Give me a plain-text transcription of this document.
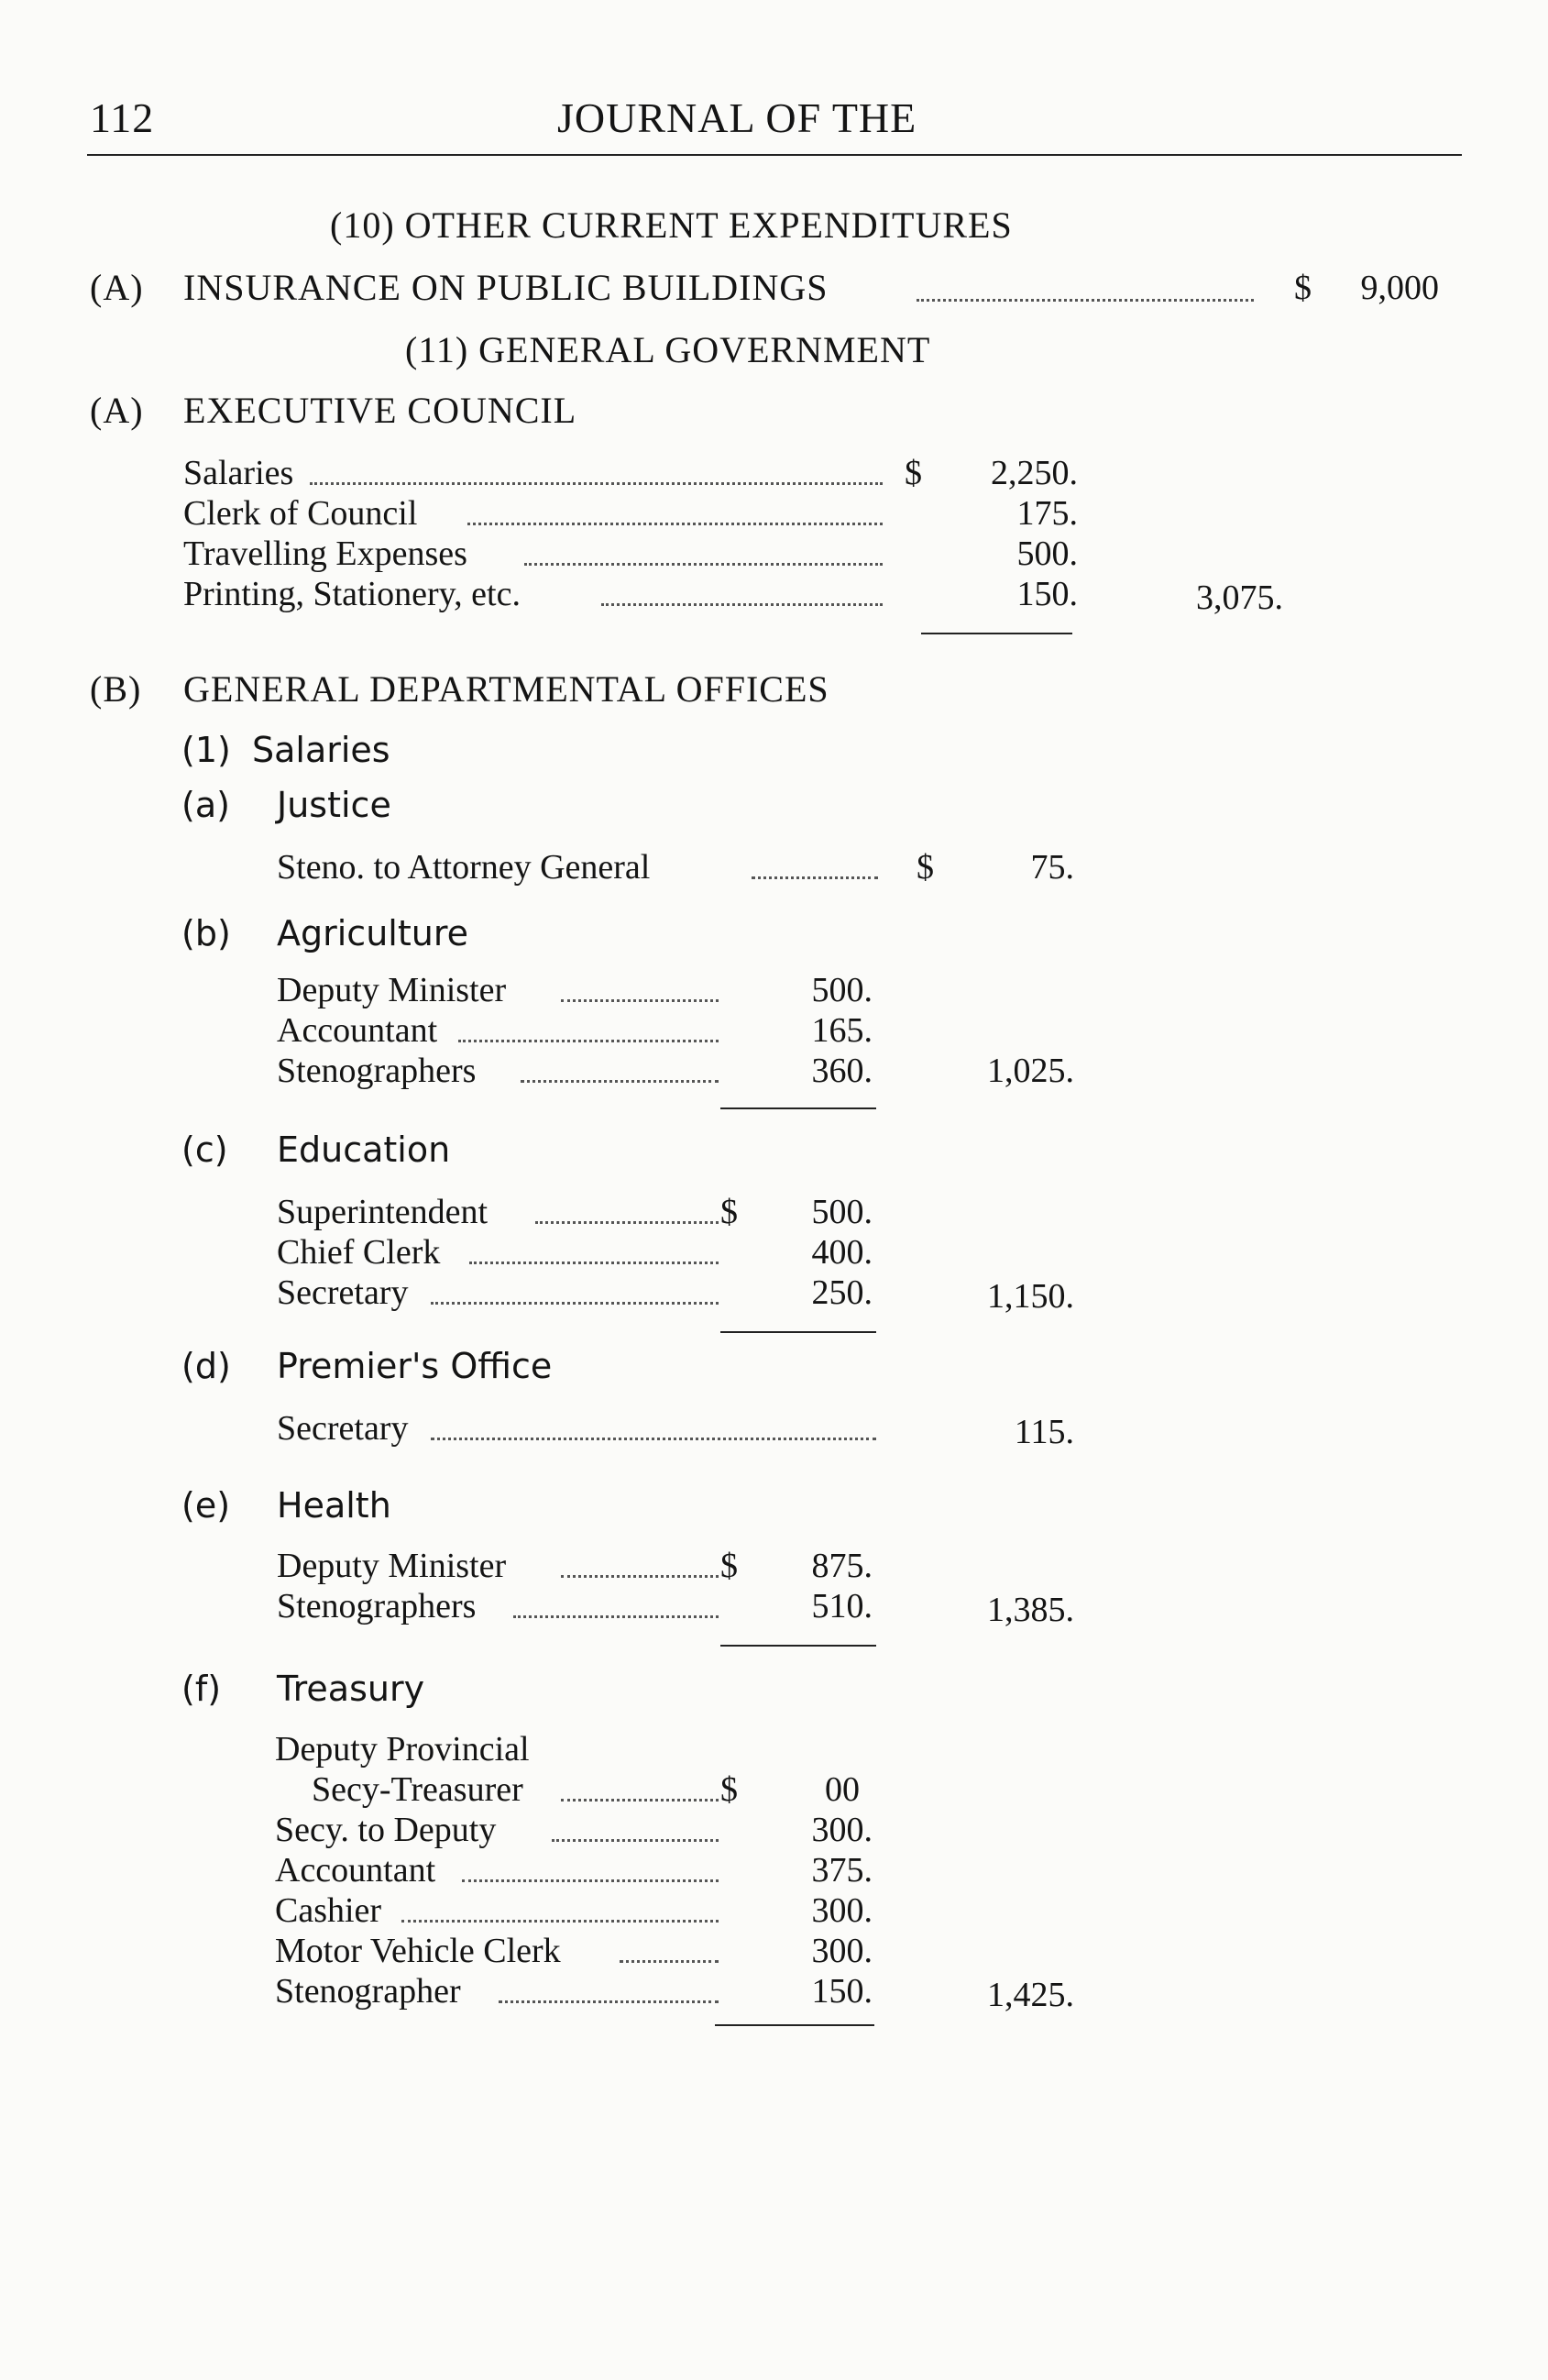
112	JOURNAL OF THE
(10) OTHER CURRENT EXPENDITURES
(A) INSURANCE ON PUBLIC BUILDINGS	$	9,000
(11) GENERAL GOVERNMENT
(A) EXECUTIVE COUNCIL
Salaries	$	2,250.
Clerk of Council	175.
Travelling Expenses	500.
Printing, Stationery, etc.	150.	3,075.
(B) GENERAL DEPARTMENTAL OFFICES
(1) Salaries
(a) Justice
Steno. to Attorney General	$	75.
(b) Agriculture
Deputy Minister	500.
Accountant	165.
Stenographers	360.	1,025.
(c) Education
Superintendent	$	500.
Chief Clerk	400.
Secretary	250.	1,150.
(d) Premier's Office
Secretary	115.
(e) Health
Deputy Minister	$	875.
Stenographers	510.	1,385.
(f) Treasury
Deputy Provincial
Secy-Treasurer	$	00
Secy. to Deputy	300.
Accountant	375.
Cashier	300.
Motor Vehicle Clerk	300.
Stenographer	150.	1,425.
